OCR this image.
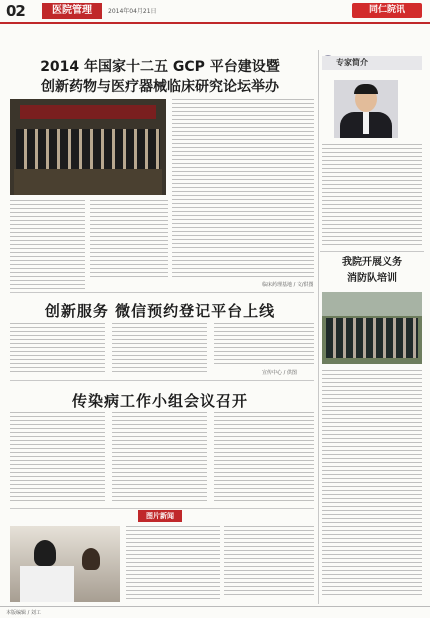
02	医院管理	2014年04月21日	同仁院讯
2014 年国家十二五 GCP 平台建设暨
创新药物与医疗器械临床研究论坛举办
临床药理基地 / 文/供图
创新服务 微信预约登记平台上线
宣传中心 / 供图
传染病工作小组会议召开
图片新闻
专家简介
我院开展义务
消防队培训
本版编辑 / 刘工
